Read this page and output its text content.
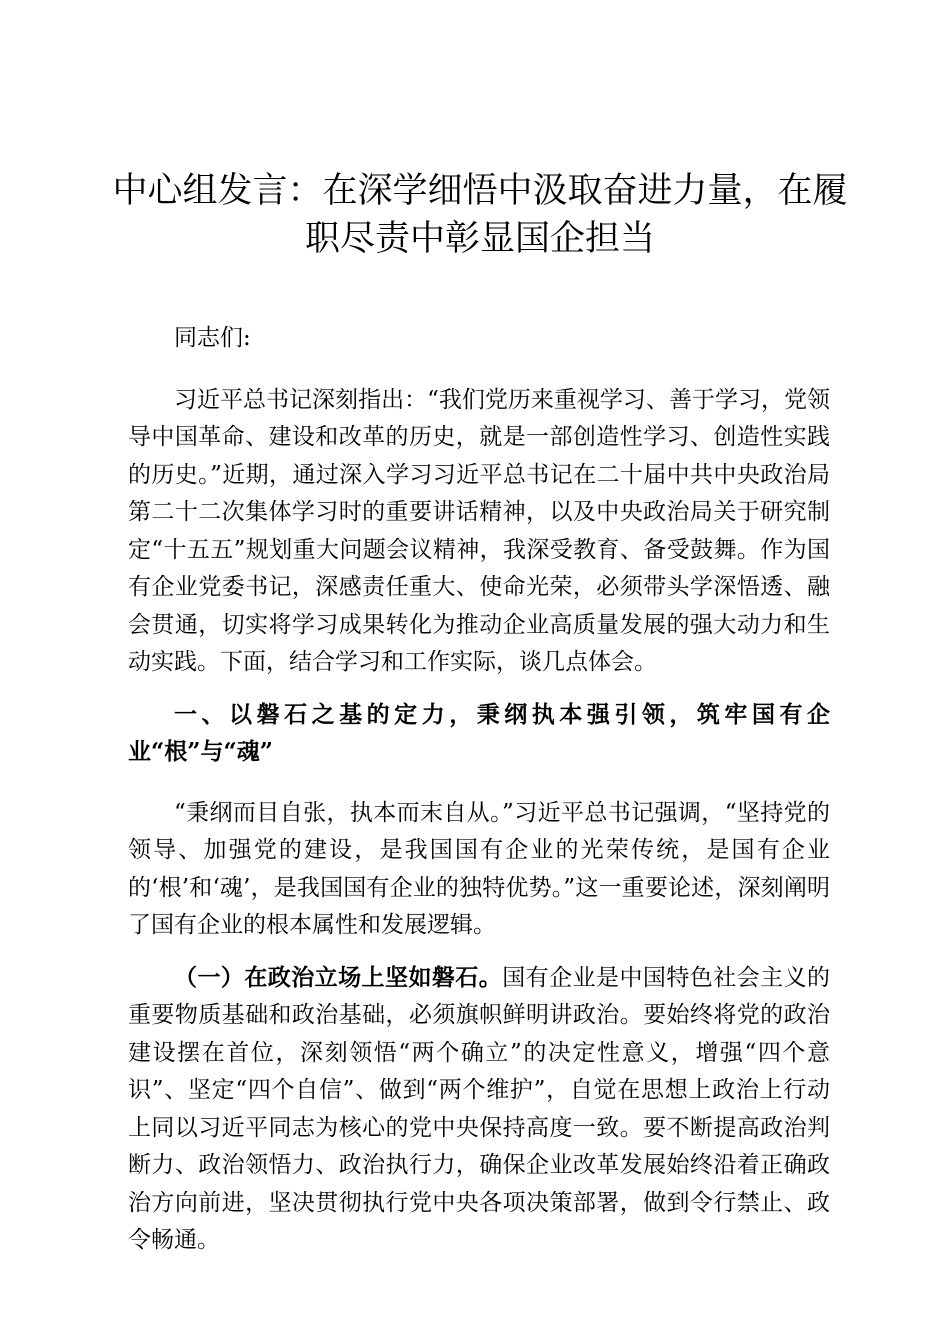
中心组发言：在深学细悟中汲取奋进力量，在履职尽责中彰显国企担当

同志们:

习近平总书记深刻指出：“我们党历来重视学习、善于学习，党领导中国革命、建设和改革的历史，就是一部创造性学习、创造性实践的历史。”近期，通过深入学习习近平总书记在二十届中共中央政治局第二十二次集体学习时的重要讲话精神，以及中央政治局关于研究制定“十五五”规划重大问题会议精神，我深受教育、备受鼓舞。作为国有企业党委书记，深感责任重大、使命光荣，必须带头学深悟透、融会贯通，切实将学习成果转化为推动企业高质量发展的强大动力和生动实践。下面，结合学习和工作实际，谈几点体会。

一、以磐石之基的定力，秉纲执本强引领，筑牢国有企业“根”与“魂”

“秉纲而目自张，执本而末自从。”习近平总书记强调，“坚持党的领导、加强党的建设，是我国国有企业的光荣传统，是国有企业的‘根’和‘魂’，是我国国有企业的独特优势。”这一重要论述，深刻阐明了国有企业的根本属性和发展逻辑。

（一）在政治立场上坚如磐石。国有企业是中国特色社会主义的重要物质基础和政治基础，必须旗帜鲜明讲政治。要始终将党的政治建设摆在首位，深刻领悟“两个确立”的决定性意义，增强“四个意识”、坚定“四个自信”、做到“两个维护”，自觉在思想上政治上行动上同以习近平同志为核心的党中央保持高度一致。要不断提高政治判断力、政治领悟力、政治执行力，确保企业改革发展始终沿着正确政治方向前进，坚决贯彻执行党中央各项决策部署，做到令行禁止、政令畅通。
